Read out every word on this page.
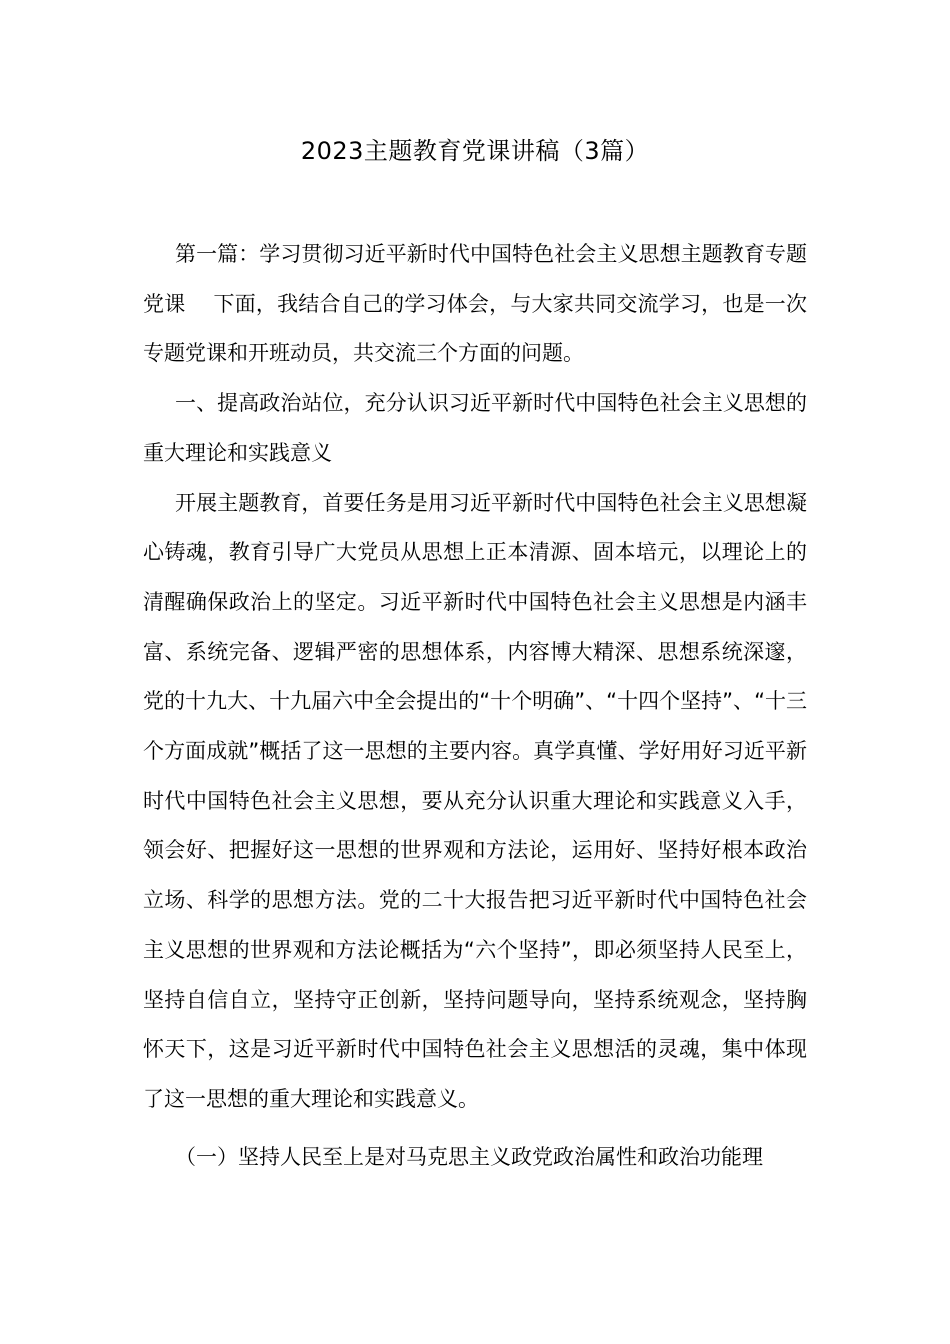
2023主题教育党课讲稿（3篇）

第一篇：学习贯彻习近平新时代中国特色社会主义思想主题教育专题党课　 下面，我结合自己的学习体会，与大家共同交流学习，也是一次专题党课和开班动员，共交流三个方面的问题。

一、提高政治站位，充分认识习近平新时代中国特色社会主义思想的重大理论和实践意义

开展主题教育，首要任务是用习近平新时代中国特色社会主义思想凝心铸魂，教育引导广大党员从思想上正本清源、固本培元，以理论上的清醒确保政治上的坚定。习近平新时代中国特色社会主义思想是内涵丰富、系统完备、逻辑严密的思想体系，内容博大精深、思想系统深邃，党的十九大、十九届六中全会提出的“十个明确”、“十四个坚持”、“十三个方面成就”概括了这一思想的主要内容。真学真懂、学好用好习近平新时代中国特色社会主义思想，要从充分认识重大理论和实践意义入手，领会好、把握好这一思想的世界观和方法论，运用好、坚持好根本政治立场、科学的思想方法。党的二十大报告把习近平新时代中国特色社会主义思想的世界观和方法论概括为“六个坚持”，即必须坚持人民至上，坚持自信自立，坚持守正创新，坚持问题导向，坚持系统观念，坚持胸怀天下，这是习近平新时代中国特色社会主义思想活的灵魂，集中体现了这一思想的重大理论和实践意义。

（一）坚持人民至上是对马克思主义政党政治属性和政治功能理
